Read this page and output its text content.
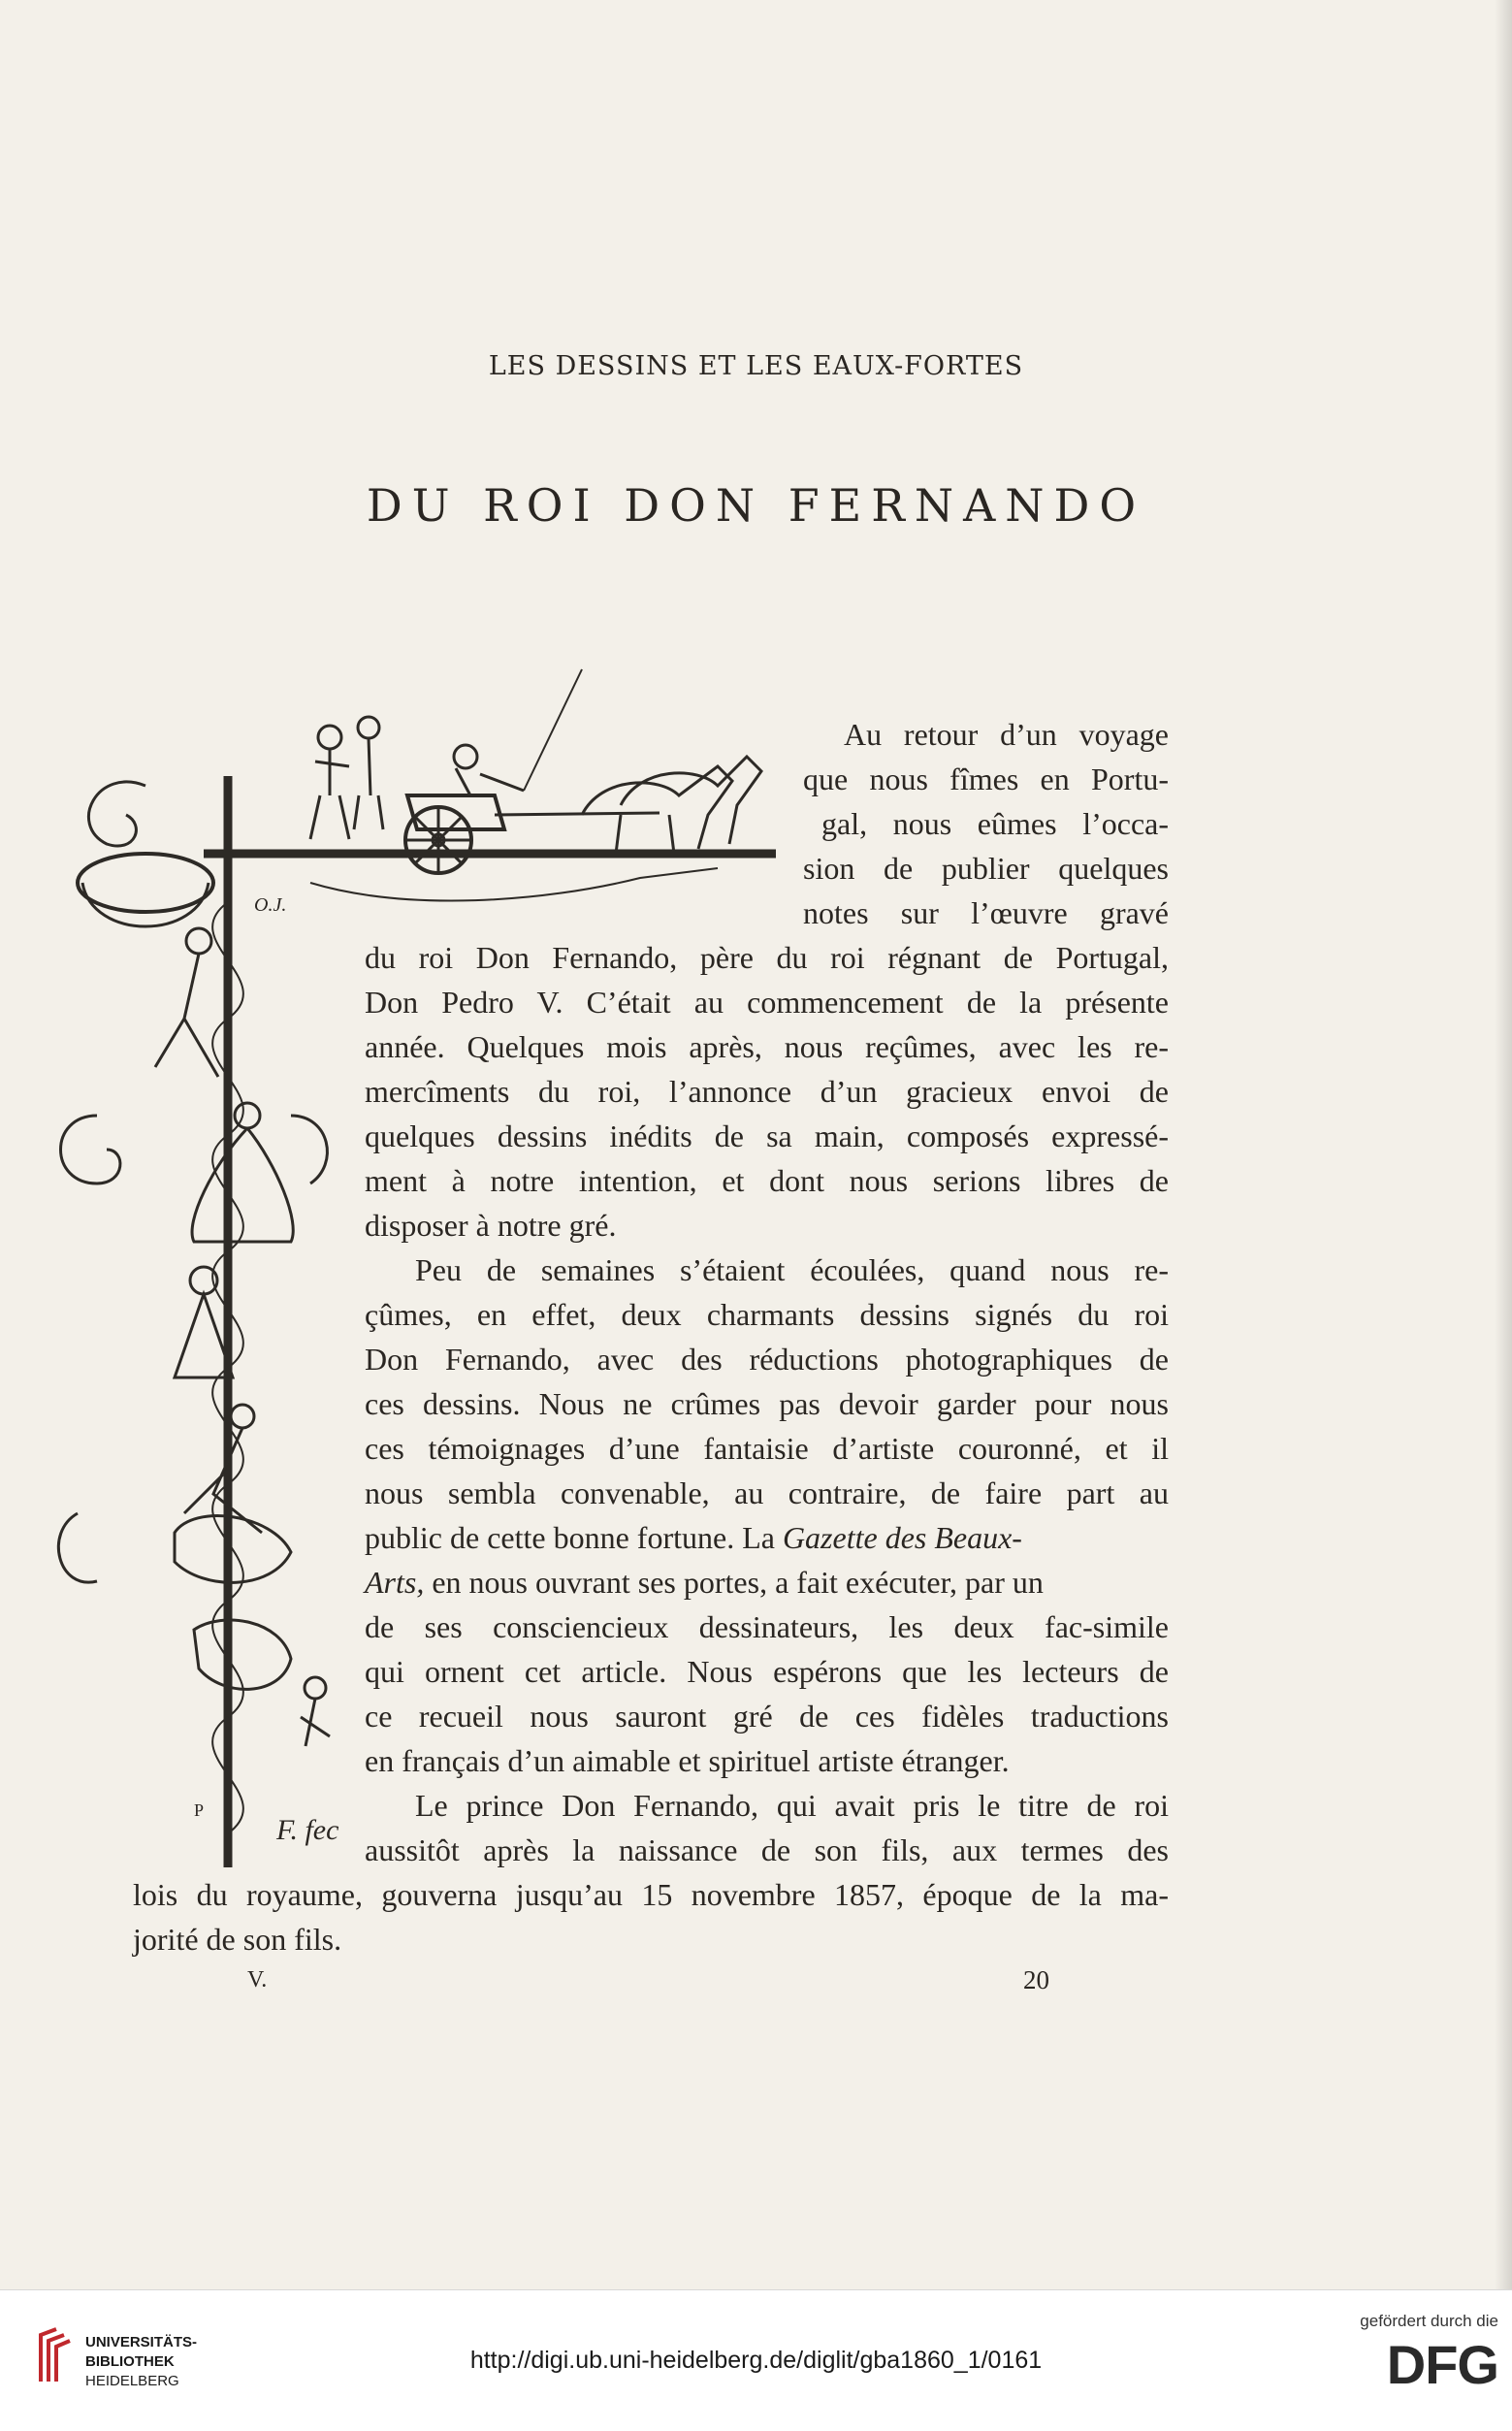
LES DESSINS ET LES EAUX-FORTES
DU ROI DON FERNANDO
O.J.
F. fec
P
Au retour d’un voyage
que nous fîmes en Portu-
gal, nous eûmes l’occa-
sion de publier quelques
notes sur l’œuvre gravé
du roi Don Fernando, père du roi régnant de Portugal,
Don Pedro V. C’était au commencement de la présente
année. Quelques mois après, nous reçûmes, avec les re-
mercîments du roi, l’annonce d’un gracieux envoi de
quelques dessins inédits de sa main, composés expressé-
ment à notre intention, et dont nous serions libres de
disposer à notre gré.
Peu de semaines s’étaient écoulées, quand nous re-
çûmes, en effet, deux charmants dessins signés du roi
Don Fernando, avec des réductions photographiques de
ces dessins. Nous ne crûmes pas devoir garder pour nous
ces témoignages d’une fantaisie d’artiste couronné, et il
nous sembla convenable, au contraire, de faire part au
public de cette bonne fortune. La Gazette des Beaux-
Arts, en nous ouvrant ses portes, a fait exécuter, par un
de ses consciencieux dessinateurs, les deux fac-simile
qui ornent cet article. Nous espérons que les lecteurs de
ce recueil nous sauront gré de ces fidèles traductions
en français d’un aimable et spirituel artiste étranger.
Le prince Don Fernando, qui avait pris le titre de roi
aussitôt après la naissance de son fils, aux termes des
lois du royaume, gouverna jusqu’au 15 novembre 1857, époque de la ma-
jorité de son fils.
V.	20
UNIVERSITÄTS-
BIBLIOTHEK
HEIDELBERG
http://digi.ub.uni-heidelberg.de/diglit/gba1860_1/0161
gefördert durch die
DFG
